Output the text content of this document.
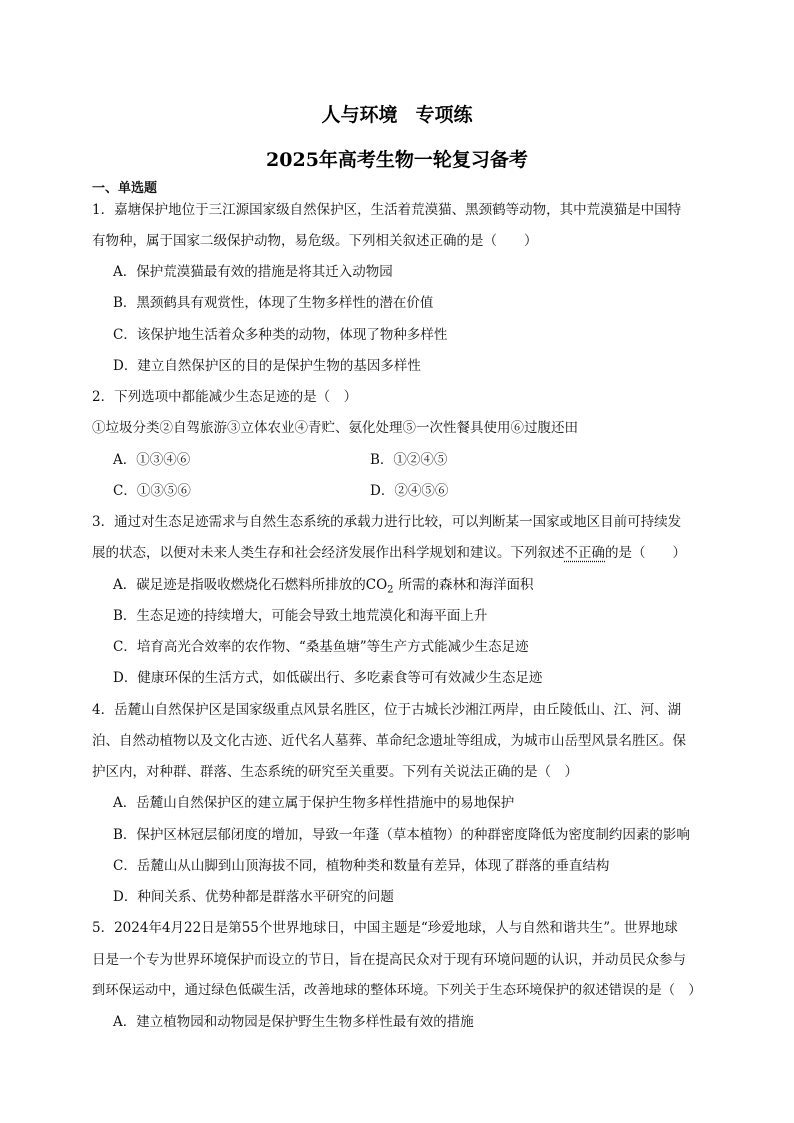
人与环境 专项练
2025年高考生物一轮复习备考
一、单选题
1．嘉塘保护地位于三江源国家级自然保护区，生活着荒漠猫、黑颈鹤等动物，其中荒漠猫是中国特
有物种，属于国家二级保护动物，易危级。下列相关叙述正确的是（　　）
A．保护荒漠猫最有效的措施是将其迁入动物园
B．黑颈鹤具有观赏性，体现了生物多样性的潜在价值
C．该保护地生活着众多种类的动物，体现了物种多样性
D．建立自然保护区的目的是保护生物的基因多样性
2．下列选项中都能减少生态足迹的是（　）
①垃圾分类②自驾旅游③立体农业④青贮、氨化处理⑤一次性餐具使用⑥过腹还田
A．①③④⑥	B．①②④⑤
C．①③⑤⑥	D．②④⑤⑥
3．通过对生态足迹需求与自然生态系统的承载力进行比较，可以判断某一国家或地区目前可持续发
展的状态，以便对未来人类生存和社会经济发展作出科学规划和建议。下列叙述不正确的是（　　）
A．碳足迹是指吸收燃烧化石燃料所排放的$CO_2$ 所需的森林和海洋面积
B．生态足迹的持续增大，可能会导致土地荒漠化和海平面上升
C．培育高光合效率的农作物、“桑基鱼塘”等生产方式能减少生态足迹
D．健康环保的生活方式，如低碳出行、多吃素食等可有效减少生态足迹
4．岳麓山自然保护区是国家级重点风景名胜区，位于古城长沙湘江两岸，由丘陵低山、江、河、湖
泊、自然动植物以及文化古迹、近代名人墓葬、革命纪念遗址等组成，为城市山岳型风景名胜区。保
护区内，对种群、群落、生态系统的研究至关重要。下列有关说法正确的是（　）
A．岳麓山自然保护区的建立属于保护生物多样性措施中的易地保护
B．保护区林冠层郁闭度的增加，导致一年蓬（草本植物）的种群密度降低为密度制约因素的影响
C．岳麓山从山脚到山顶海拔不同，植物种类和数量有差异，体现了群落的垂直结构
D．种间关系、优势种都是群落水平研究的问题
5．2024年4月22日是第55个世界地球日，中国主题是“珍爱地球，人与自然和谐共生”。世界地球
日是一个专为世界环境保护而设立的节日，旨在提高民众对于现有环境问题的认识，并动员民众参与
到环保运动中，通过绿色低碳生活，改善地球的整体环境。下列关于生态环境保护的叙述错误的是（　）
A．建立植物园和动物园是保护野生生物多样性最有效的措施
